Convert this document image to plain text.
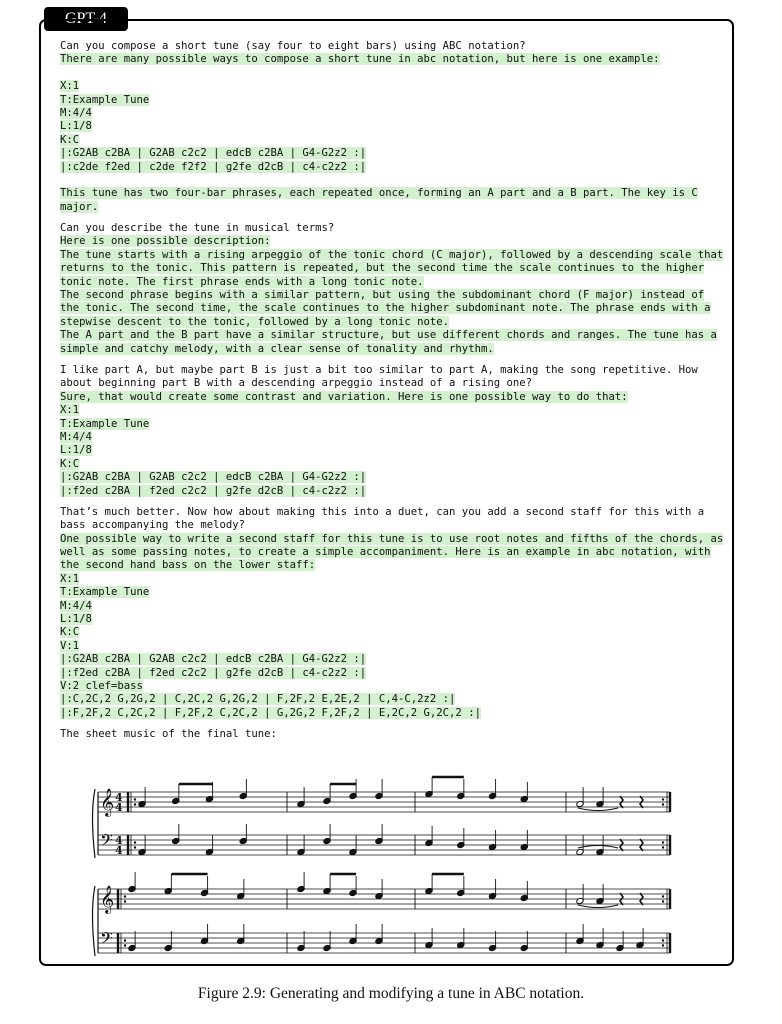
GPT-4
Can you compose a short tune (say four to eight bars) using ABC notation?
There are many possible ways to compose a short tune in abc notation, but here is one example:
X:1
T:Example Tune
M:4/4
L:1/8
K:C
|:G2AB c2BA | G2AB c2c2 | edcB c2BA | G4-G2z2 :|
|:c2de f2ed | c2de f2f2 | g2fe d2cB | c4-c2z2 :|
This tune has two four-bar phrases, each repeated once, forming an A part and a B part. The key is C
major.
Can you describe the tune in musical terms?
Here is one possible description:
The tune starts with a rising arpeggio of the tonic chord (C major), followed by a descending scale that
returns to the tonic. This pattern is repeated, but the second time the scale continues to the higher
tonic note. The first phrase ends with a long tonic note.
The second phrase begins with a similar pattern, but using the subdominant chord (F major) instead of
the tonic. The second time, the scale continues to the higher subdominant note. The phrase ends with a
stepwise descent to the tonic, followed by a long tonic note.
The A part and the B part have a similar structure, but use different chords and ranges. The tune has a
simple and catchy melody, with a clear sense of tonality and rhythm.
I like part A, but maybe part B is just a bit too similar to part A, making the song repetitive. How
about beginning part B with a descending arpeggio instead of a rising one?
Sure, that would create some contrast and variation. Here is one possible way to do that:
X:1
T:Example Tune
M:4/4
L:1/8
K:C
|:G2AB c2BA | G2AB c2c2 | edcB c2BA | G4-G2z2 :|
|:f2ed c2BA | f2ed c2c2 | g2fe d2cB | c4-c2z2 :|
That’s much better. Now how about making this into a duet, can you add a second staff for this with a
bass accompanying the melody?
One possible way to write a second staff for this tune is to use root notes and fifths of the chords, as
well as some passing notes, to create a simple accompaniment. Here is an example in abc notation, with
the second hand bass on the lower staff:
X:1
T:Example Tune
M:4/4
L:1/8
K:C
V:1
|:G2AB c2BA | G2AB c2c2 | edcB c2BA | G4-G2z2 :|
|:f2ed c2BA | f2ed c2c2 | g2fe d2cB | c4-c2z2 :|
V:2 clef=bass
|:C,2C,2 G,2G,2 | C,2C,2 G,2G,2 | F,2F,2 E,2E,2 | C,4-C,2z2 :|
|:F,2F,2 C,2C,2 | F,2F,2 C,2C,2 | G,2G,2 F,2F,2 | E,2C,2 G,2C,2 :|
The sheet music of the final tune:
𝄞
𝄢
4
4
4
4
𝄞
𝄢
Figure 2.9: Generating and modifying a tune in ABC notation.
